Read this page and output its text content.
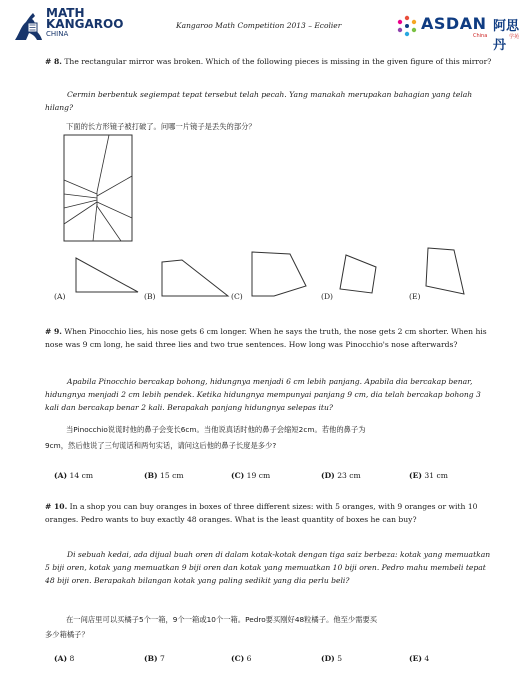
MATH
KANGAROO
CHINA
Kangaroo Math Competition 2013 – Ecolier	ASDAN
China
阿思丹
学苑

# 8. The rectangular mirror was broken. Which of the following pieces is missing in the given figure of this mirror?

Cermin berbentuk segiempat tepat tersebut telah pecah. Yang manakah merupakan bahagian yang telah hilang?

下面的长方形镜子被打破了。问哪一片镜子是丢失的部分？
(A)	(B)	(C)	(D)	(E)

# 9. When Pinocchio lies, his nose gets 6 cm longer. When he says the truth, the nose gets 2 cm shorter. When his nose was 9 cm long, he said three lies and two true sentences. How long was Pinocchio's nose afterwards?

Apabila Pinocchio bercakap bohong, hidungnya menjadi 6 cm lebih panjang. Apabila dia bercakap benar, hidungnya menjadi 2 cm lebih pendek. Ketika hidungnya mempunyai panjang 9 cm, dia telah bercakap bohong 3 kali dan bercakap benar 2 kali. Berapakah panjang hidungnya selepas itu?

当Pinocchio说谎时他的鼻子会变长6cm。当他说真话时他的鼻子会缩短2cm。若他的鼻子为
9cm，然后他说了三句谎话和两句实话，请问这后他的鼻子长度是多少?
(A) 14 cm	(B) 15 cm	(C) 19 cm	(D) 23 cm	(E) 31 cm

# 10. In a shop you can buy oranges in boxes of three different sizes: with 5 oranges, with 9 oranges or with 10 oranges. Pedro wants to buy exactly 48 oranges. What is the least quantity of boxes he can buy?

Di sebuah kedai, ada dijual buah oren di dalam kotak-kotak dengan tiga saiz berbeza: kotak yang memuatkan 5 biji oren, kotak yang memuatkan 9 biji oren dan kotak yang memuatkan 10 biji oren. Pedro mahu membeli tepat 48 biji oren. Berapakah bilangan kotak yang paling sedikit yang dia perlu beli?

在一间店里可以买橘子5个一箱，9个一箱或10个一箱。Pedro要买刚好48粒橘子。他至少需要买
多少箱橘子？
(A) 8	(B) 7	(C) 6	(D) 5	(E) 4
